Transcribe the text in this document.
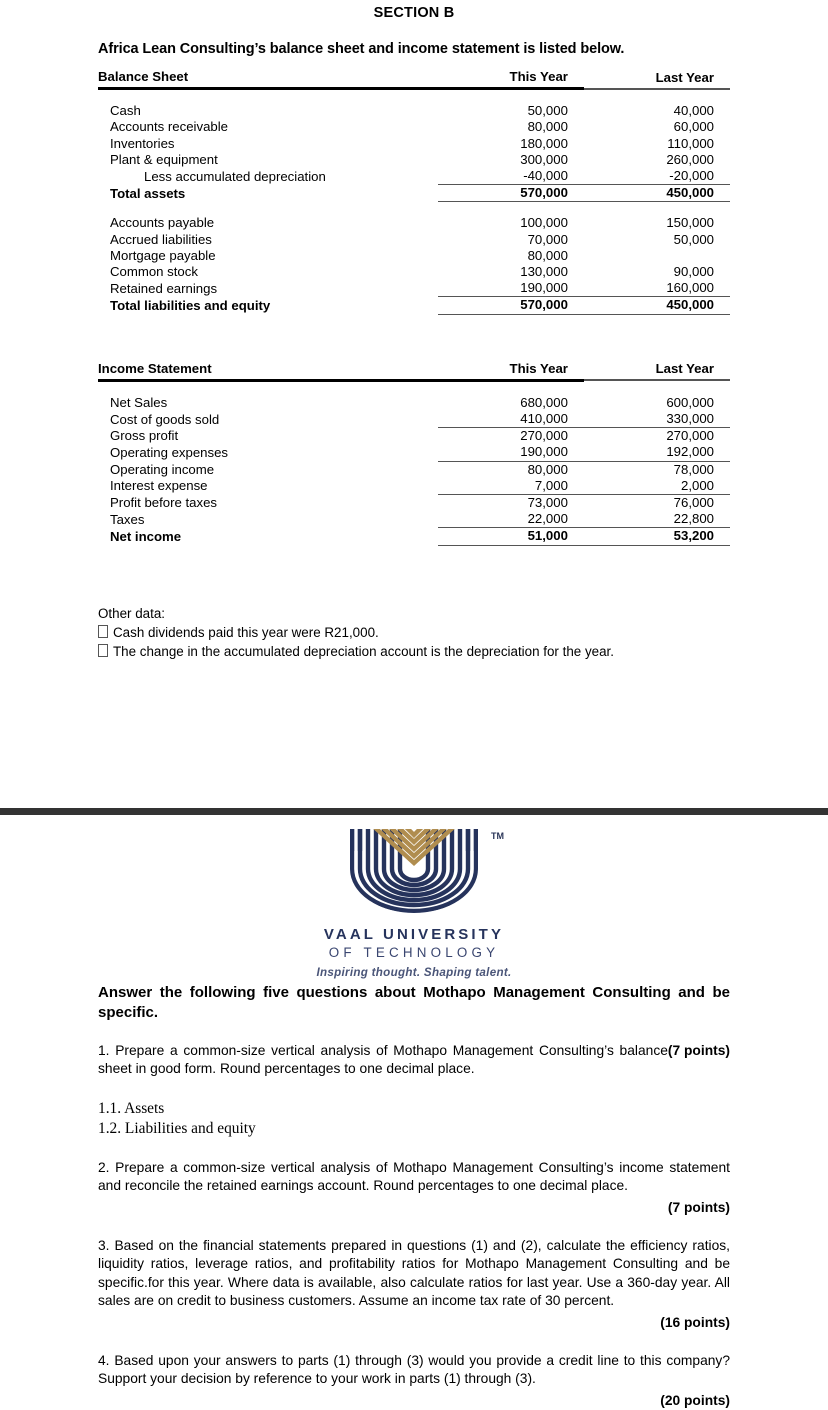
SECTION B
Africa Lean Consulting’s balance sheet and income statement is listed below.
Balance Sheet	This Year	Last Year

Cash	50,000	40,000
Accounts receivable	80,000	60,000
Inventories	180,000	110,000
Plant & equipment	300,000	260,000
Less accumulated depreciation	-40,000	-20,000
Total assets	570,000	450,000

Accounts payable	100,000	150,000
Accrued liabilities	70,000	50,000
Mortgage payable	80,000	
Common stock	130,000	90,000
Retained earnings	190,000	160,000
Total liabilities and equity	570,000	450,000
Income Statement	This Year	Last Year

Net Sales	680,000	600,000
Cost of goods sold	410,000	330,000
Gross profit	270,000	270,000
Operating expenses	190,000	192,000
Operating income	80,000	78,000
Interest expense	7,000	2,000
Profit before taxes	73,000	76,000
Taxes	22,000	22,800
Net income	51,000	53,200
Other data:
Cash dividends paid this year were R21,000.
The change in the accumulated depreciation account is the depreciation for the year.
TM
VAAL UNIVERSITY
OF TECHNOLOGY
Inspiring thought. Shaping talent.
Answer the following five questions about Mothapo Management Consulting and be specific.
(7 points)
1. Prepare a common-size vertical analysis of Mothapo Management Consulting’s balance sheet in good form. Round percentages to one decimal place.
1.1. Assets
1.2. Liabilities and equity
2. Prepare a common-size vertical analysis of Mothapo Management Consulting’s income statement and reconcile the retained earnings account. Round percentages to one decimal place.
(7 points)
3. Based on the financial statements prepared in questions (1) and (2), calculate the efficiency ratios, liquidity ratios, leverage ratios, and profitability ratios for Mothapo Management Consulting and be specific.for this year. Where data is available, also calculate ratios for last year. Use a 360-day year. All sales are on credit to business customers. Assume an income tax rate of 30 percent.
(16 points)
4. Based upon your answers to parts (1) through (3) would you provide a credit line to this company? Support your decision by reference to your work in parts (1) through (3).
(20 points)
